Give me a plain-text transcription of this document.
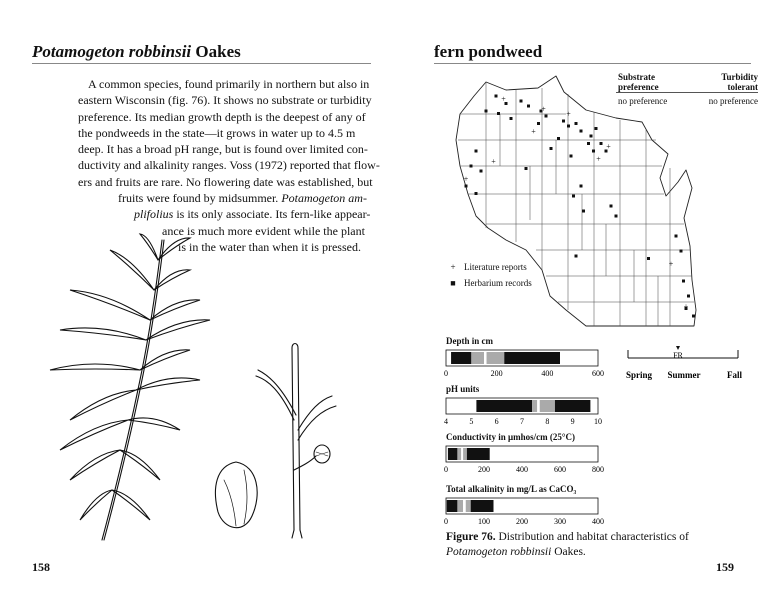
Potamogeton robbinsii Oakes
A common species, found primarily in northern but also in
eastern Wisconsin (fig. 76). It shows no substrate or turbidity
preference. Its median growth depth is the deepest of any of
the pondweeds in the state—it grows in water up to 4.5 m
deep. It has a broad pH range, but is found over limited con-
ductivity and alkalinity ranges. Voss (1972) reported that flow-
ers and fruits are rare. No flowering date was established, but
fruits were found by midsummer. Potamogeton am-
plifolius is its only associate. Its fern-like appear-
ance is much more evident while the plant
is in the water than when it is pressed.
158
fern pondweed
Substrate
preference
Turbidity
tolerant
no preference	no preference
+
+
+
+
+
+
+
+
+
+
+ Literature reports
■ Herbarium records
Depth in cm
0	200	400	600
pH units
4	5	6	7	8	9 10
Conductivity in μmhos/cm (25°C)
0	200	400	600	800
Total alkalinity in mg/L as CaCO₃
0	100	200	300	400
FR
Spring Summer	Fall
Figure 76. Distribution and habitat characteristics of Potamogeton robbinsii Oakes.
159
